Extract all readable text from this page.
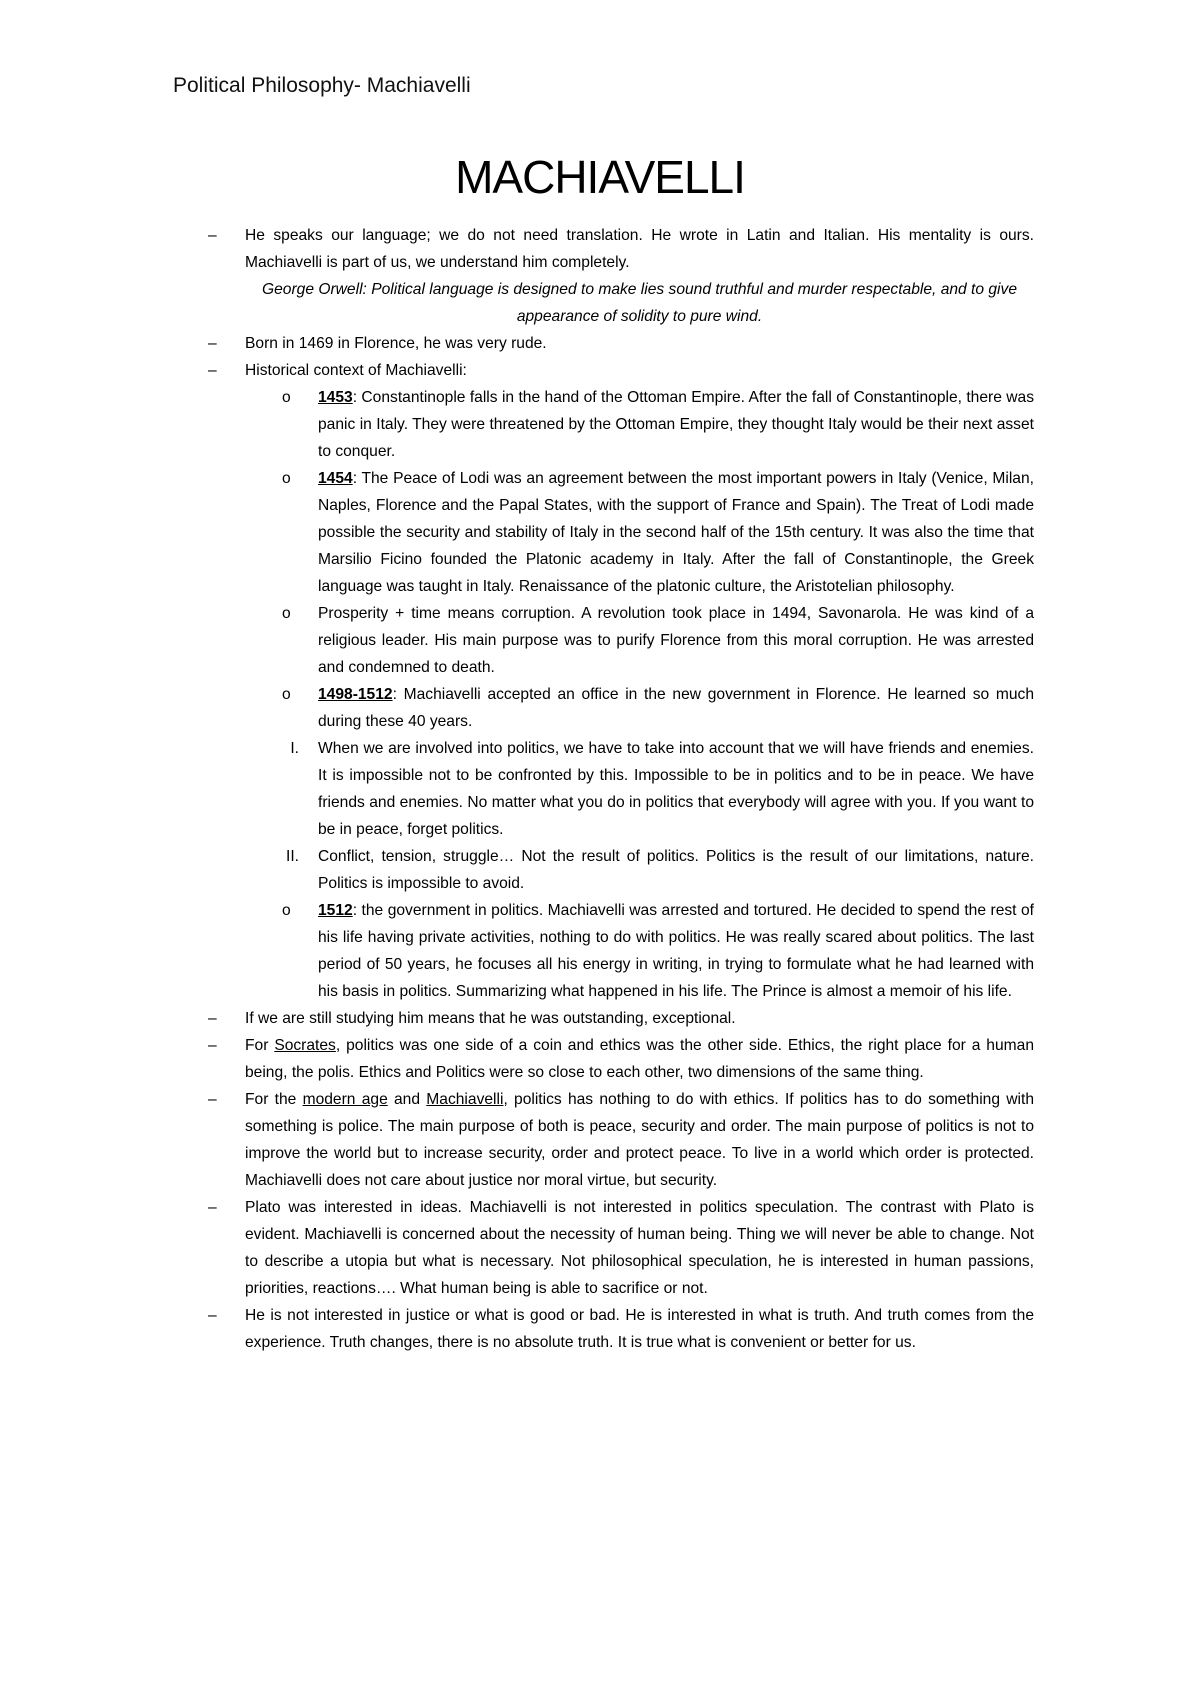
Political Philosophy- Machiavelli
MACHIAVELLI
– He speaks our language; we do not need translation. He wrote in Latin and Italian. His mentality is ours. Machiavelli is part of us, we understand him completely.
George Orwell: Political language is designed to make lies sound truthful and murder respectable, and to give appearance of solidity to pure wind.
– Born in 1469 in Florence, he was very rude.
– Historical context of Machiavelli:
o 1453: Constantinople falls in the hand of the Ottoman Empire. After the fall of Constantinople, there was panic in Italy. They were threatened by the Ottoman Empire, they thought Italy would be their next asset to conquer.
o 1454: The Peace of Lodi was an agreement between the most important powers in Italy (Venice, Milan, Naples, Florence and the Papal States, with the support of France and Spain). The Treat of Lodi made possible the security and stability of Italy in the second half of the 15th century. It was also the time that Marsilio Ficino founded the Platonic academy in Italy. After the fall of Constantinople, the Greek language was taught in Italy. Renaissance of the platonic culture, the Aristotelian philosophy.
o Prosperity + time means corruption. A revolution took place in 1494, Savonarola. He was kind of a religious leader. His main purpose was to purify Florence from this moral corruption. He was arrested and condemned to death.
o 1498-1512: Machiavelli accepted an office in the new government in Florence. He learned so much during these 40 years.
I. When we are involved into politics, we have to take into account that we will have friends and enemies. It is impossible not to be confronted by this. Impossible to be in politics and to be in peace. We have friends and enemies. No matter what you do in politics that everybody will agree with you. If you want to be in peace, forget politics.
II. Conflict, tension, struggle… Not the result of politics. Politics is the result of our limitations, nature. Politics is impossible to avoid.
o 1512: the government in politics. Machiavelli was arrested and tortured. He decided to spend the rest of his life having private activities, nothing to do with politics. He was really scared about politics. The last period of 50 years, he focuses all his energy in writing, in trying to formulate what he had learned with his basis in politics. Summarizing what happened in his life. The Prince is almost a memoir of his life.
– If we are still studying him means that he was outstanding, exceptional.
– For Socrates, politics was one side of a coin and ethics was the other side. Ethics, the right place for a human being, the polis. Ethics and Politics were so close to each other, two dimensions of the same thing.
– For the modern age and Machiavelli, politics has nothing to do with ethics. If politics has to do something with something is police. The main purpose of both is peace, security and order. The main purpose of politics is not to improve the world but to increase security, order and protect peace. To live in a world which order is protected. Machiavelli does not care about justice nor moral virtue, but security.
– Plato was interested in ideas. Machiavelli is not interested in politics speculation. The contrast with Plato is evident. Machiavelli is concerned about the necessity of human being. Thing we will never be able to change. Not to describe a utopia but what is necessary. Not philosophical speculation, he is interested in human passions, priorities, reactions…. What human being is able to sacrifice or not.
– He is not interested in justice or what is good or bad. He is interested in what is truth. And truth comes from the experience. Truth changes, there is no absolute truth. It is true what is convenient or better for us.
